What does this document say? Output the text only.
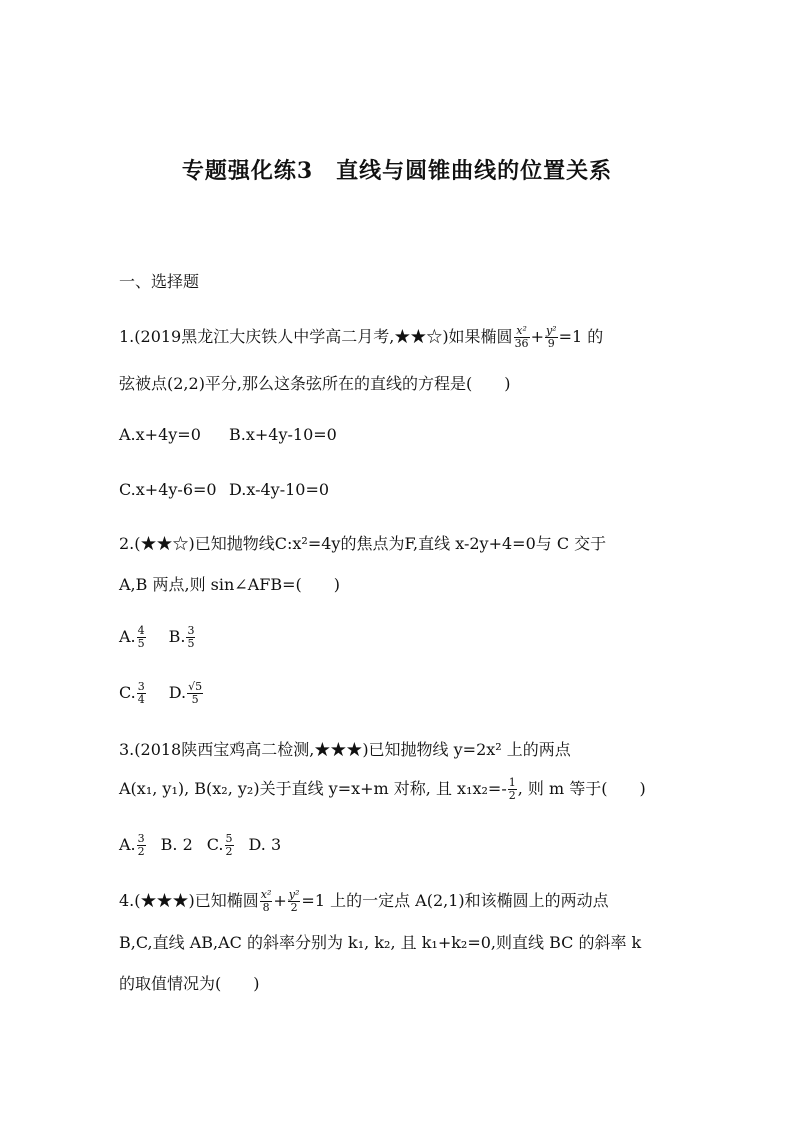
专题强化练3　直线与圆锥曲线的位置关系
一、选择题
1.(2019黑龙江大庆铁人中学高二月考,★★☆)如果椭圆 $\frac{\text{x²}}{36} + \frac{\text{y²}}{9} =1$ 的
弦被点(2,2)平分,那么这条弦所在的直线的方程是(　　)
A.x+4y=0 B.x+4y-10=0
C.x+4y-6=0 D.x-4y-10=0
2.(★★☆)已知抛物线C:x²=4y的焦点为F,直线 x-2y+4=0与 C 交于
A,B 两点,则 sin∠AFB=(　　)
A. $\frac{4}{5} B$. $\frac{3}{5}$
C. $\frac{3}{4} D$. $\frac{√5}{5}$
3.(2018陕西宝鸡高二检测,★★★)已知抛物线 y=2x² 上的两点
A(x₁, y₁), B(x₂, y₂)关于直线 y=x+m 对称, 且 $x_1x_2=- \frac{1}{2}$ , 则 m 等于(　　)
A. $\frac{3}{2} B$. 2 C. $\frac{5}{2} D$. 3
4.(★★★)已知椭圆 $\frac{\text{x²}}{8} + \frac{\text{y²}}{2} =1$ 上的一定点 A(2,1)和该椭圆上的两动点
B,C,直线 AB,AC 的斜率分别为 k₁, k₂, 且 k₁+k₂=0,则直线 BC 的斜率 k
的取值情况为(　　)
